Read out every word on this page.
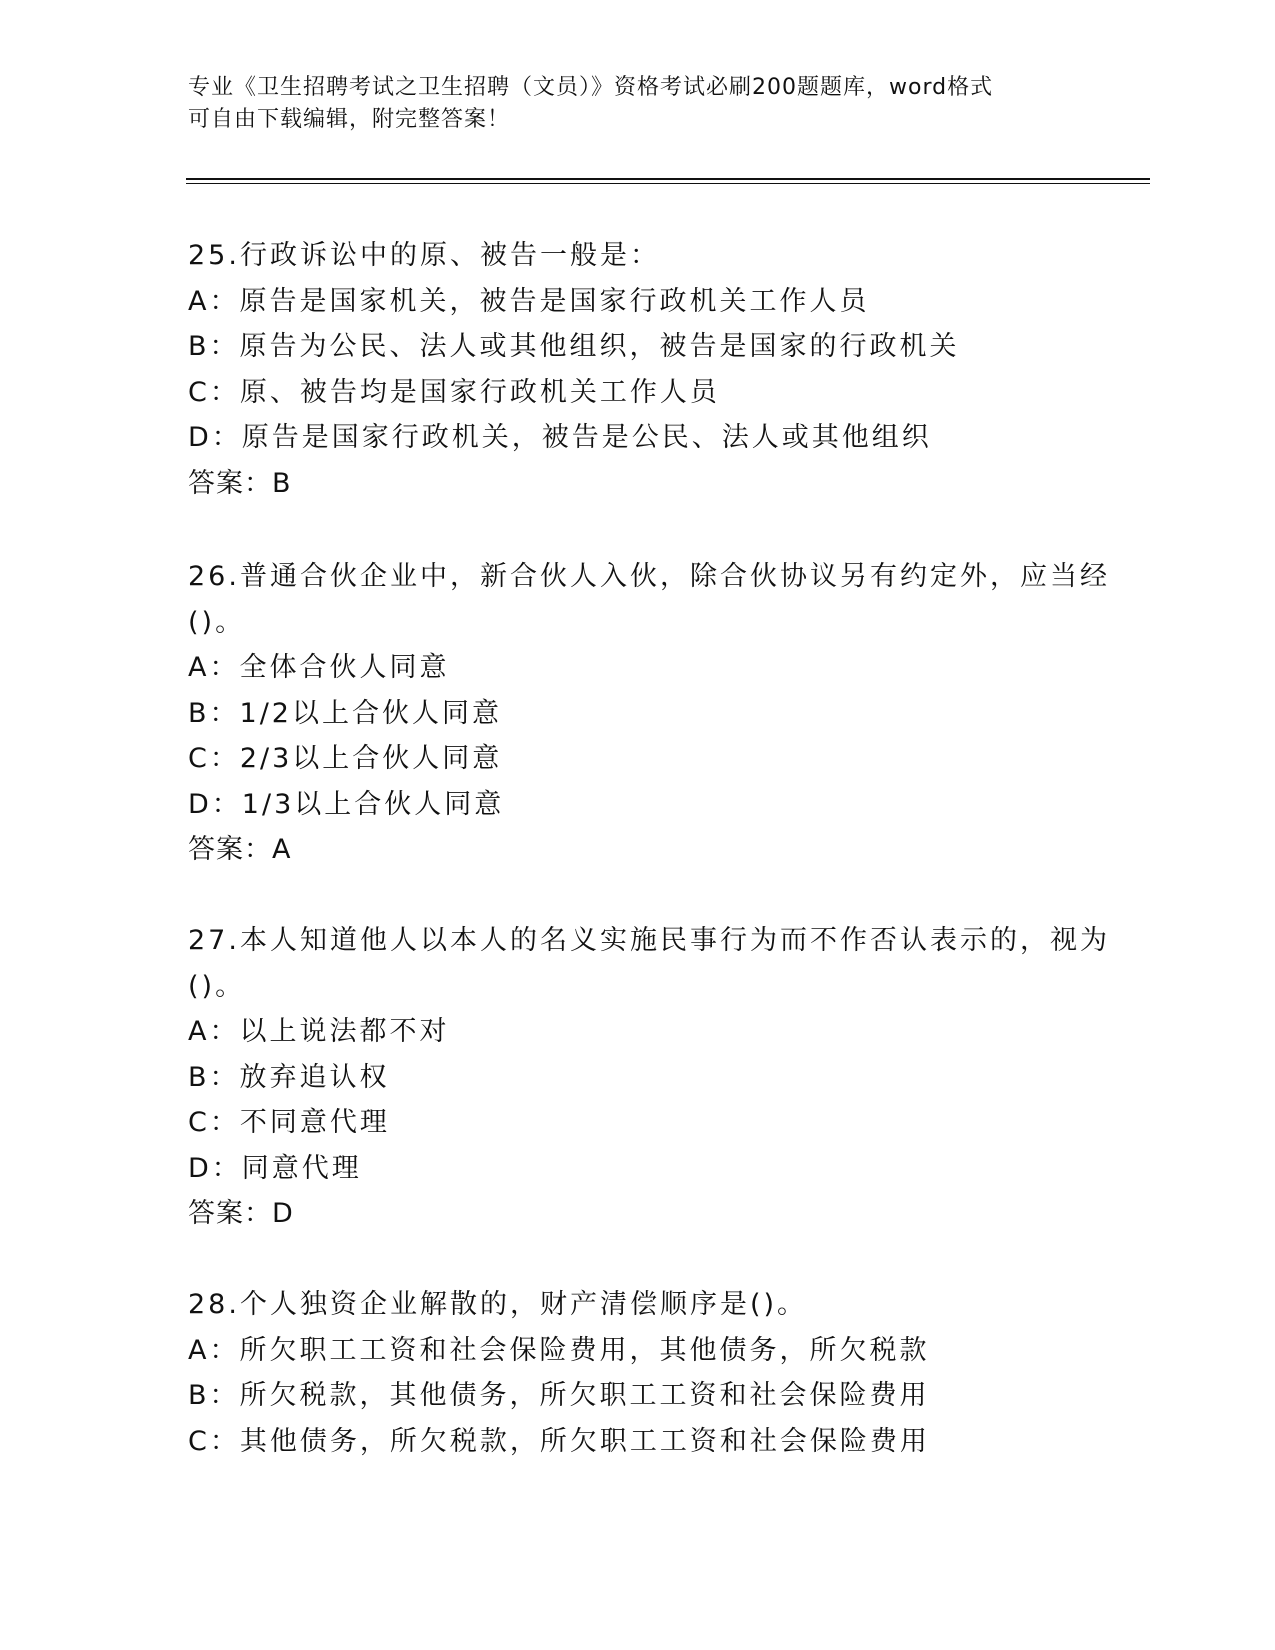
专业《卫生招聘考试之卫生招聘（文员）》资格考试必刷200题题库，word格式
可自由下载编辑，附完整答案！
25.行政诉讼中的原、被告一般是：
A：原告是国家机关，被告是国家行政机关工作人员
B：原告为公民、法人或其他组织，被告是国家的行政机关
C：原、被告均是国家行政机关工作人员
D：原告是国家行政机关，被告是公民、法人或其他组织
答案：B
26.普通合伙企业中，新合伙人入伙，除合伙协议另有约定外，应当经
()。
A：全体合伙人同意
B：1/2以上合伙人同意
C：2/3以上合伙人同意
D：1/3以上合伙人同意
答案：A
27.本人知道他人以本人的名义实施民事行为而不作否认表示的，视为
()。
A：以上说法都不对
B：放弃追认权
C：不同意代理
D：同意代理
答案：D
28.个人独资企业解散的，财产清偿顺序是()。
A：所欠职工工资和社会保险费用，其他债务，所欠税款
B：所欠税款，其他债务，所欠职工工资和社会保险费用
C：其他债务，所欠税款，所欠职工工资和社会保险费用
